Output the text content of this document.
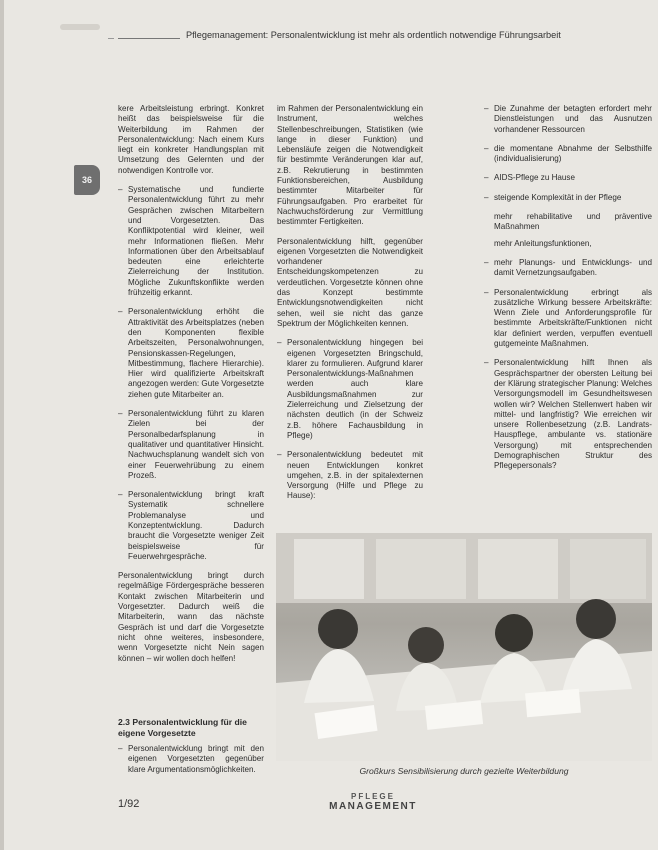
Pflegemanagement: Personalentwicklung ist mehr als ordentlich notwendige Führungsarbeit
36

kere Arbeitsleistung erbringt. Konkret heißt das beispielsweise für die Weiterbildung im Rahmen der Personalentwicklung: Nach einem Kurs liegt ein konkreter Handlungsplan mit Umsetzung des Gelernten und der notwendigen Kontrolle vor.

– Systematische und fundierte Personalentwicklung führt zu mehr Gesprächen zwischen Mitarbeitern und Vorgesetzten. Das Konfliktpotential wird kleiner, weil mehr Informationen fließen. Mehr Informationen über den Arbeitsablauf bedeuten eine erleichterte Zielerreichung der Institution. Mögliche Zukunftskonflikte werden frühzeitig erkannt.
– Personalentwicklung erhöht die Attraktivität des Arbeitsplatzes (neben den Komponenten flexible Arbeitszeiten, Personalwohnungen, Pensionskassen-Regelungen, Mitbestimmung, flachere Hierarchie). Hier wird qualifizierte Arbeitskraft angezogen werden: Gute Vorgesetzte ziehen gute Mitarbeiter an.
– Personalentwicklung führt zu klaren Zielen bei der Personalbedarfsplanung in qualitativer und quantitativer Hinsicht. Nachwuchsplanung wandelt sich von einer Feuerwehrübung zu einem Prozeß.
– Personalentwicklung bringt kraft Systematik schnellere Problemanalyse und Konzeptentwicklung. Dadurch braucht die Vorgesetzte weniger Zeit beispielsweise für Feuerwehrgespräche.

Personalentwicklung bringt durch regelmäßige Fördergespräche besseren Kontakt zwischen Mitarbeiterin und Vorgesetzter. Dadurch weiß die Mitarbeiterin, wann das nächste Gespräch ist und darf die Vorgesetzte nicht ohne weiteres, insbesondere, wenn Vorgesetzte nicht Nein sagen können – wir wollen doch helfen!

2.3 Personalentwicklung für die eigene Vorgesetzte
– Personalentwicklung bringt mit den eigenen Vorgesetzten gegenüber klare Argumentationsmöglichkeiten.

im Rahmen der Personalentwicklung ein Instrument, welches Stellenbeschreibungen, Statistiken (wie lange in dieser Funktion) und Lebensläufe zeigen die Notwendigkeit für bestimmte Veränderungen klar auf, z.B. Rekrutierung in bestimmten Funktionsbereichen, Ausbildung bestimmter Mitarbeiter für Führungsaufgaben. Pro erarbeitet für Nachwuchsförderung zur Vermittlung bestimmter Fertigkeiten.

Personalentwicklung hilft, gegenüber eigenen Vorgesetzten die Notwendigkeit vorhandener Entscheidungskompetenzen zu verdeutlichen. Vorgesetzte können ohne das Konzept bestimmte Entwicklungsnotwendigkeiten nicht sehen, weil sie nicht das ganze Spektrum der Möglichkeiten kennen.

– Personalentwicklung hingegen bei eigenen Vorgesetzten Bringschuld, klarer zu formulieren. Aufgrund klarer Personalentwicklungs-Maßnahmen werden auch klare Ausbildungsmaßnahmen zur Zielerreichung und Zielsetzung der nächsten deutlich (in der Schweiz z.B. höhere Fachausbildung in Pflege)
– Personalentwicklung bedeutet mit neuen Entwicklungen konkret umgehen, z.B. in der spitalexternen Versorgung (Hilfe und Pflege zu Hause):
– Die Zunahme der betagten erfordert mehr Dienstleistungen und das Ausnutzen vorhandener Ressourcen
– die momentane Abnahme der Selbsthilfe (individualisierung)
– AIDS-Pflege zu Hause
– steigende Komplexität in der Pflege

mehr rehabilitative und präventive Maßnahmen

mehr Anleitungsfunktionen,

– mehr Planungs- und Entwicklungs- und damit Vernetzungsaufgaben.
– Personalentwicklung erbringt als zusätzliche Wirkung bessere Arbeitskräfte: Wenn Ziele und Anforderungsprofile für bestimmte Arbeitskräfte/Funktionen nicht klar definiert werden, verpuffen eventuell gutgemeinte Maßnahmen.
– Personalentwicklung hilft Ihnen als Gesprächspartner der obersten Leitung bei der Klärung strategischer Planung: Welches Versorgungsmodell im Gesundheitswesen wollen wir? Welchen Stellenwert haben wir mittel- und langfristig? Wie erreichen wir unsere Rollenbesetzung (z.B. Landrats-Hauspflege, ambulante vs. stationäre Versorgung) mit entsprechenden Demographischen Struktur des Pflegepersonals?
Großkurs Sensibilisierung durch gezielte Weiterbildung
1/92
PFLEGE
MANAGEMENT
